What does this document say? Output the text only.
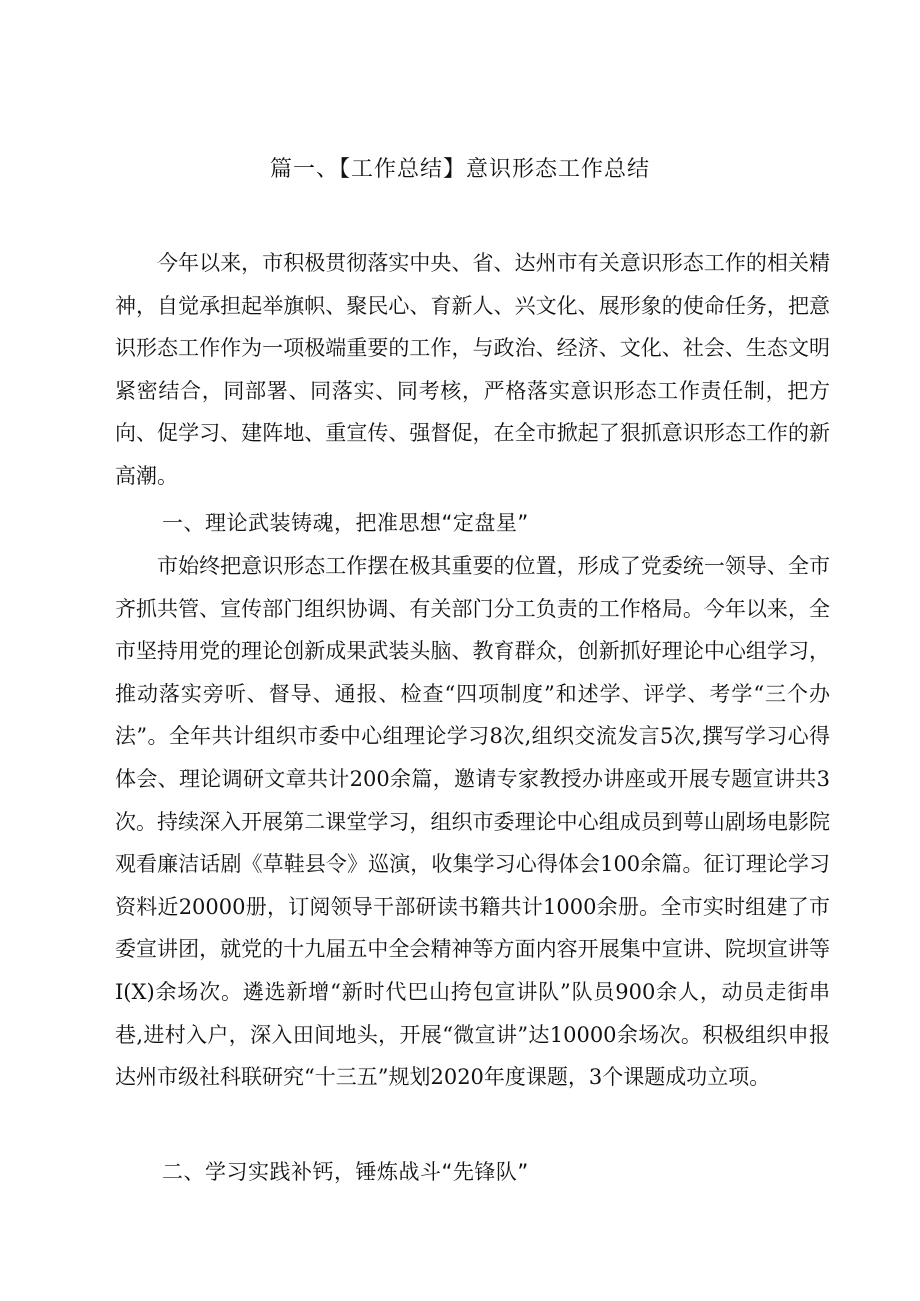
篇一、【工作总结】意识形态工作总结

今年以来，市积极贯彻落实中央、省、达州市有关意识形态工作的相关精神，自觉承担起举旗帜、聚民心、育新人、兴文化、展形象的使命任务，把意识形态工作作为一项极端重要的工作，与政治、经济、文化、社会、生态文明紧密结合，同部署、同落实、同考核，严格落实意识形态工作责任制，把方向、促学习、建阵地、重宣传、强督促，在全市掀起了狠抓意识形态工作的新高潮。

一、理论武装铸魂，把准思想“定盘星”

市始终把意识形态工作摆在极其重要的位置，形成了党委统一领导、全市齐抓共管、宣传部门组织协调、有关部门分工负责的工作格局。今年以来，全市坚持用党的理论创新成果武装头脑、教育群众，创新抓好理论中心组学习，推动落实旁听、督导、通报、检查“四项制度”和述学、评学、考学“三个办法”。全年共计组织市委中心组理论学习8次,组织交流发言5次,撰写学习心得体会、理论调研文章共计200余篇，邀请专家教授办讲座或开展专题宣讲共3次。持续深入开展第二课堂学习，组织市委理论中心组成员到萼山剧场电影院观看廉洁话剧《草鞋县令》巡演，收集学习心得体会100余篇。征订理论学习资料近20000册，订阅领导干部研读书籍共计1000余册。全市实时组建了市委宣讲团，就党的十九届五中全会精神等方面内容开展集中宣讲、院坝宣讲等I(X)余场次。遴选新增“新时代巴山挎包宣讲队”队员900余人，动员走街串巷,进村入户，深入田间地头，开展“微宣讲”达10000余场次。积极组织申报达州市级社科联研究“十三五”规划2020年度课题，3个课题成功立项。

二、学习实践补钙，锤炼战斗“先锋队”
